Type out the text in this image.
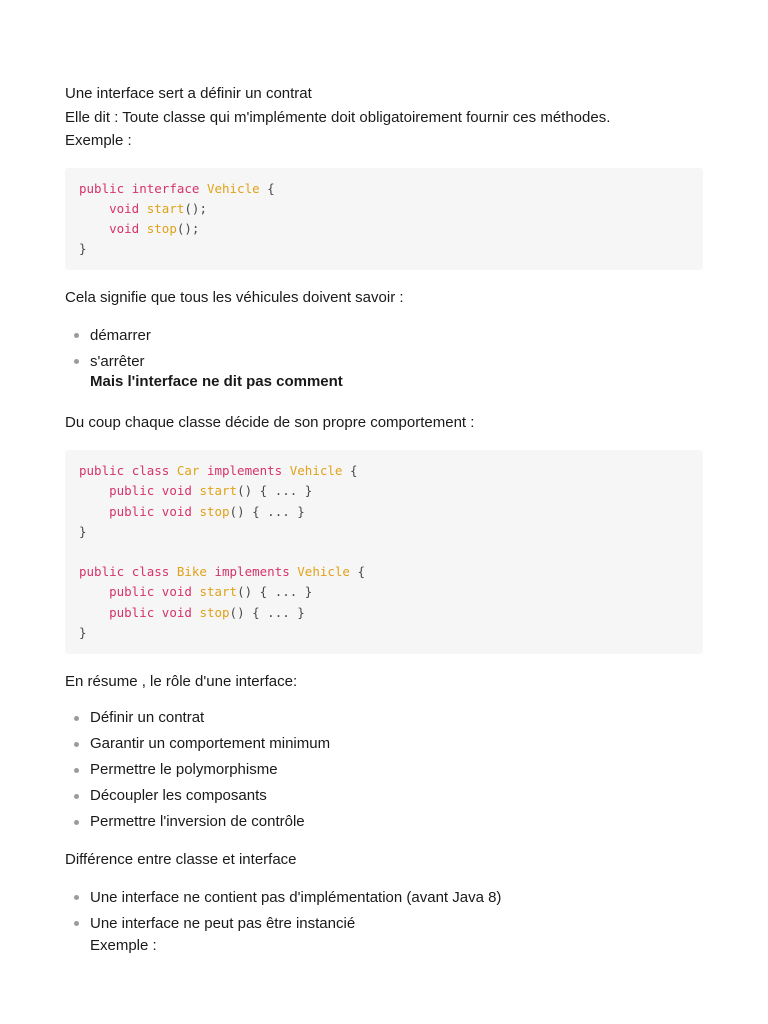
Une interface sert a définir un contrat

Elle dit : Toute classe qui m'implémente doit obligatoirement fournir ces méthodes.

Exemple :

public interface Vehicle {
void start();
void stop();
}

Cela signifie que tous les véhicules doivent savoir :

démarrer
s'arrêter
Mais l'interface ne dit pas comment

Du coup chaque classe décide de son propre comportement :

public class Car implements Vehicle {
public void start() { ... }
public void stop() { ... }
}
public class Bike implements Vehicle {
public void start() { ... }
public void stop() { ... }
}

En résume , le rôle d'une interface:

Définir un contrat
Garantir un comportement minimum
Permettre le polymorphisme
Découpler les composants
Permettre l'inversion de contrôle

Différence entre classe et interface

Une interface ne contient pas d'implémentation (avant Java 8)
Une interface ne peut pas être instancié
Exemple :
